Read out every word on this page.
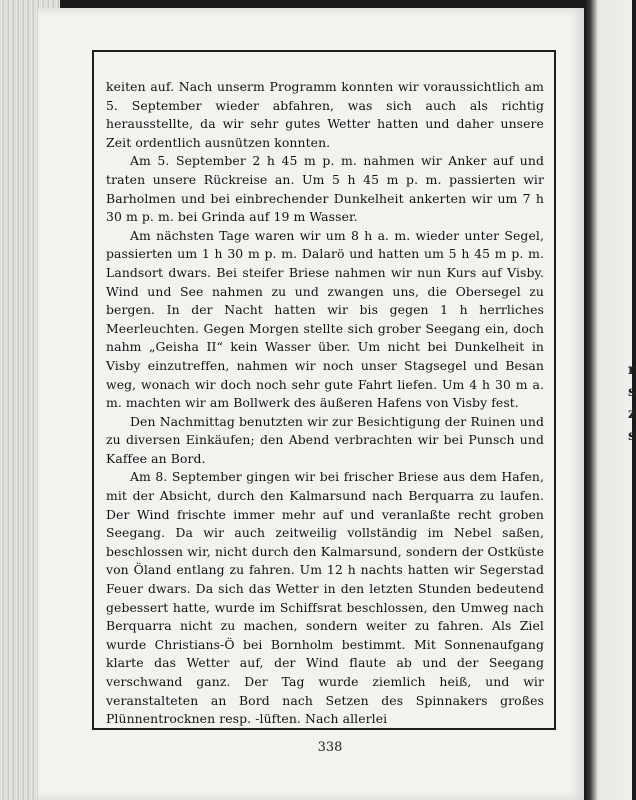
r
s
z
s

keiten auf. Nach unserm Programm konnten wir voraussichtlich am 5. September wieder abfahren, was sich auch als richtig herausstellte, da wir sehr gutes Wetter hatten und daher unsere Zeit ordentlich ausnützen konnten.

Am 5. September 2 h 45 m p. m. nahmen wir Anker auf und traten unsere Rückreise an. Um 5 h 45 m p. m. passierten wir Barholmen und bei einbrechender Dunkelheit ankerten wir um 7 h 30 m p. m. bei Grinda auf 19 m Wasser.

Am nächsten Tage waren wir um 8 h a. m. wieder unter Segel, passierten um 1 h 30 m p. m. Dalarö und hatten um 5 h 45 m p. m. Landsort dwars. Bei steifer Briese nahmen wir nun Kurs auf Visby. Wind und See nahmen zu und zwangen uns, die Obersegel zu bergen. In der Nacht hatten wir bis gegen 1 h herrliches Meerleuchten. Gegen Morgen stellte sich grober Seegang ein, doch nahm „Geisha II“ kein Wasser über. Um nicht bei Dunkelheit in Visby einzutreffen, nahmen wir noch unser Stagsegel und Besan weg, wonach wir doch noch sehr gute Fahrt liefen. Um 4 h 30 m a. m. machten wir am Bollwerk des äußeren Hafens von Visby fest.

Den Nachmittag benutzten wir zur Besichtigung der Ruinen und zu diversen Einkäufen; den Abend verbrachten wir bei Punsch und Kaffee an Bord.

Am 8. September gingen wir bei frischer Briese aus dem Hafen, mit der Absicht, durch den Kalmarsund nach Berquarra zu laufen. Der Wind frischte immer mehr auf und veranlaßte recht groben Seegang. Da wir auch zeitweilig vollständig im Nebel saßen, beschlossen wir, nicht durch den Kalmarsund, sondern der Ostküste von Öland entlang zu fahren. Um 12 h nachts hatten wir Segerstad Feuer dwars. Da sich das Wetter in den letzten Stunden bedeutend gebessert hatte, wurde im Schiffsrat beschlossen, den Umweg nach Berquarra nicht zu machen, sondern weiter zu fahren. Als Ziel wurde Christians-Ö bei Bornholm bestimmt. Mit Sonnenaufgang klarte das Wetter auf, der Wind flaute ab und der Seegang verschwand ganz. Der Tag wurde ziemlich heiß, und wir veranstalteten an Bord nach Setzen des Spinnakers großes Plünnentrocknen resp. -lüften. Nach allerlei

338
